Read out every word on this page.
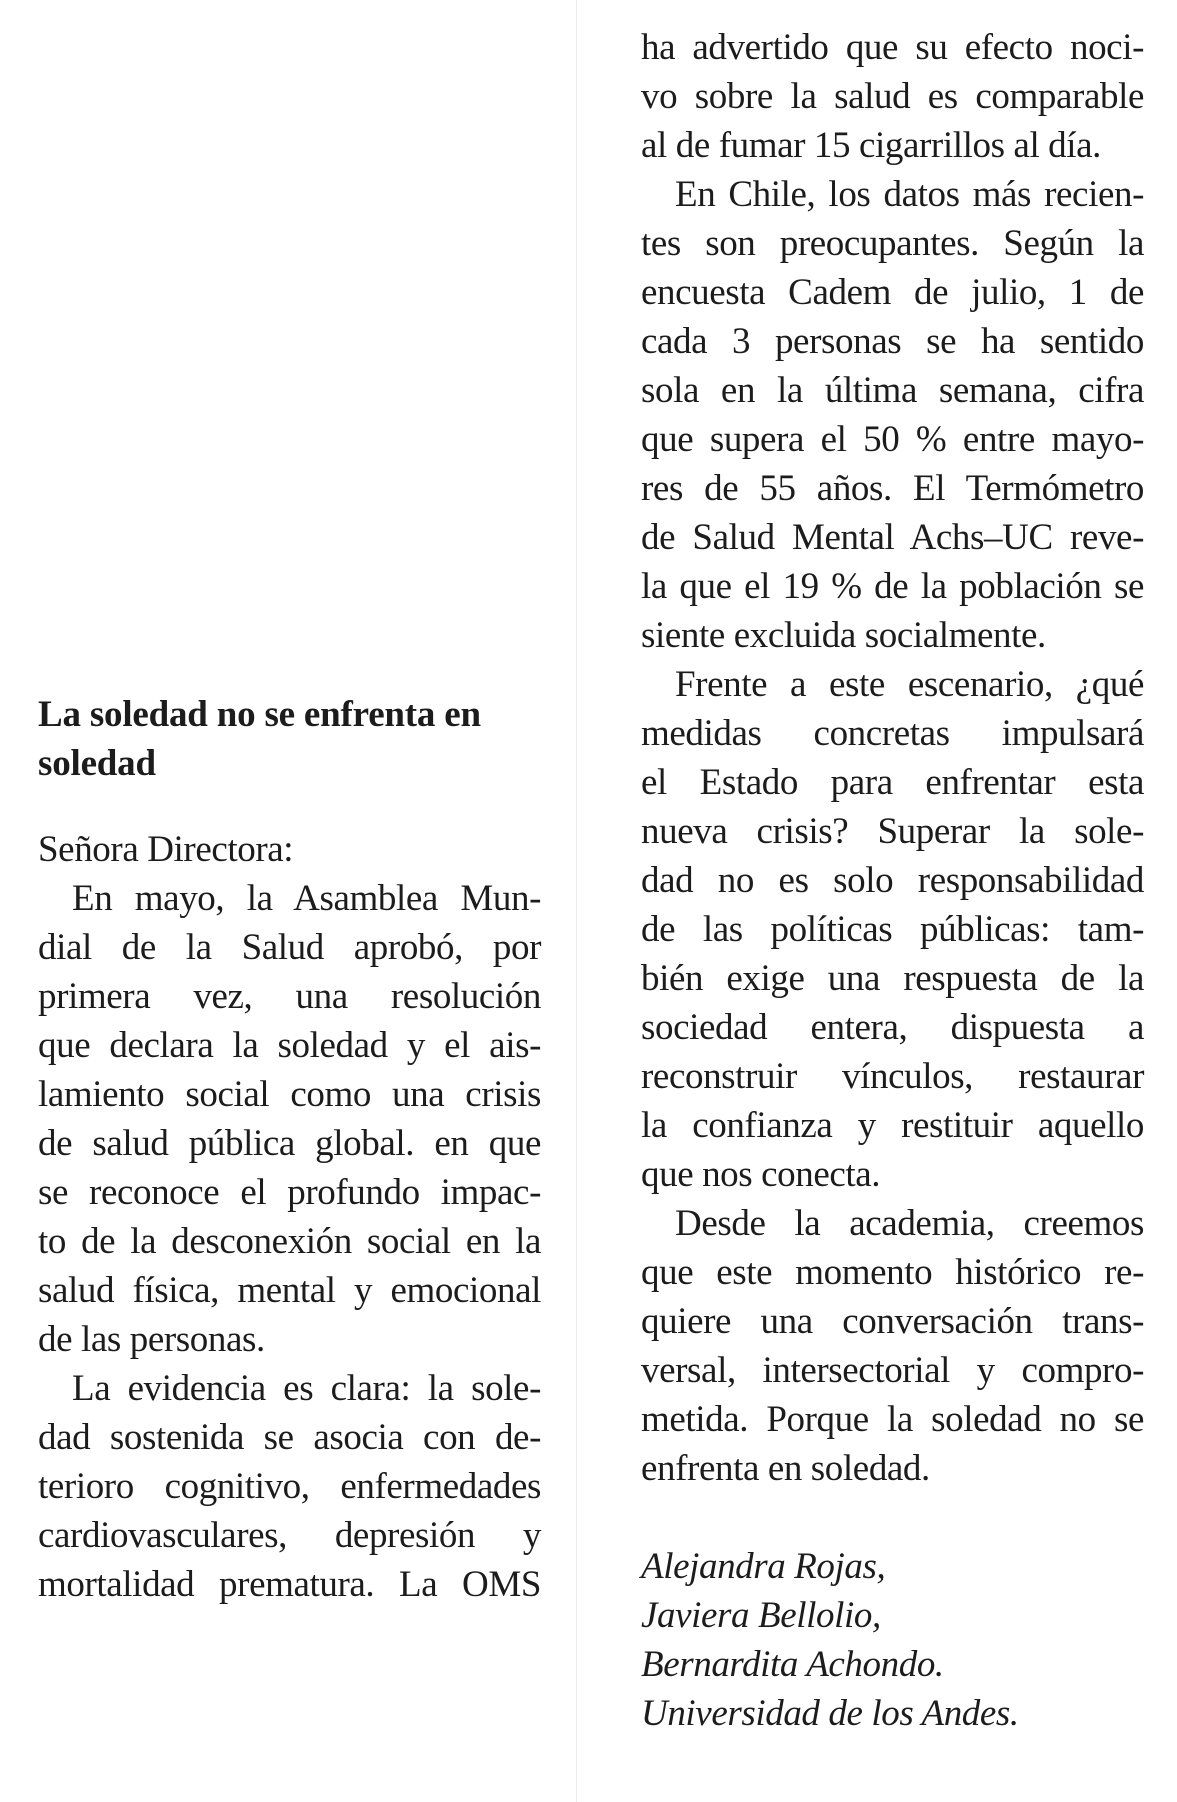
La soledad no se enfrenta en
soledad
Señora Directora:
En mayo, la Asamblea Mun-
dial de la Salud aprobó, por
primera vez, una resolución
que declara la soledad y el ais-
lamiento social como una crisis
de salud pública global. en que
se reconoce el profundo impac-
to de la desconexión social en la
salud física, mental y emocional
de las personas.
La evidencia es clara: la sole-
dad sostenida se asocia con de-
terioro cognitivo, enfermedades
cardiovasculares, depresión y
mortalidad prematura. La OMS
ha advertido que su efecto noci-
vo sobre la salud es comparable
al de fumar 15 cigarrillos al día.
En Chile, los datos más recien-
tes son preocupantes. Según la
encuesta Cadem de julio, 1 de
cada 3 personas se ha sentido
sola en la última semana, cifra
que supera el 50 % entre mayo-
res de 55 años. El Termómetro
de Salud Mental Achs–UC reve-
la que el 19 % de la población se
siente excluida socialmente.
Frente a este escenario, ¿qué
medidas concretas impulsará
el Estado para enfrentar esta
nueva crisis? Superar la sole-
dad no es solo responsabilidad
de las políticas públicas: tam-
bién exige una respuesta de la
sociedad entera, dispuesta a
reconstruir vínculos, restaurar
la confianza y restituir aquello
que nos conecta.
Desde la academia, creemos
que este momento histórico re-
quiere una conversación trans-
versal, intersectorial y compro-
metida. Porque la soledad no se
enfrenta en soledad.
Alejandra Rojas,
Javiera Bellolio,
Bernardita Achondo.
Universidad de los Andes.
